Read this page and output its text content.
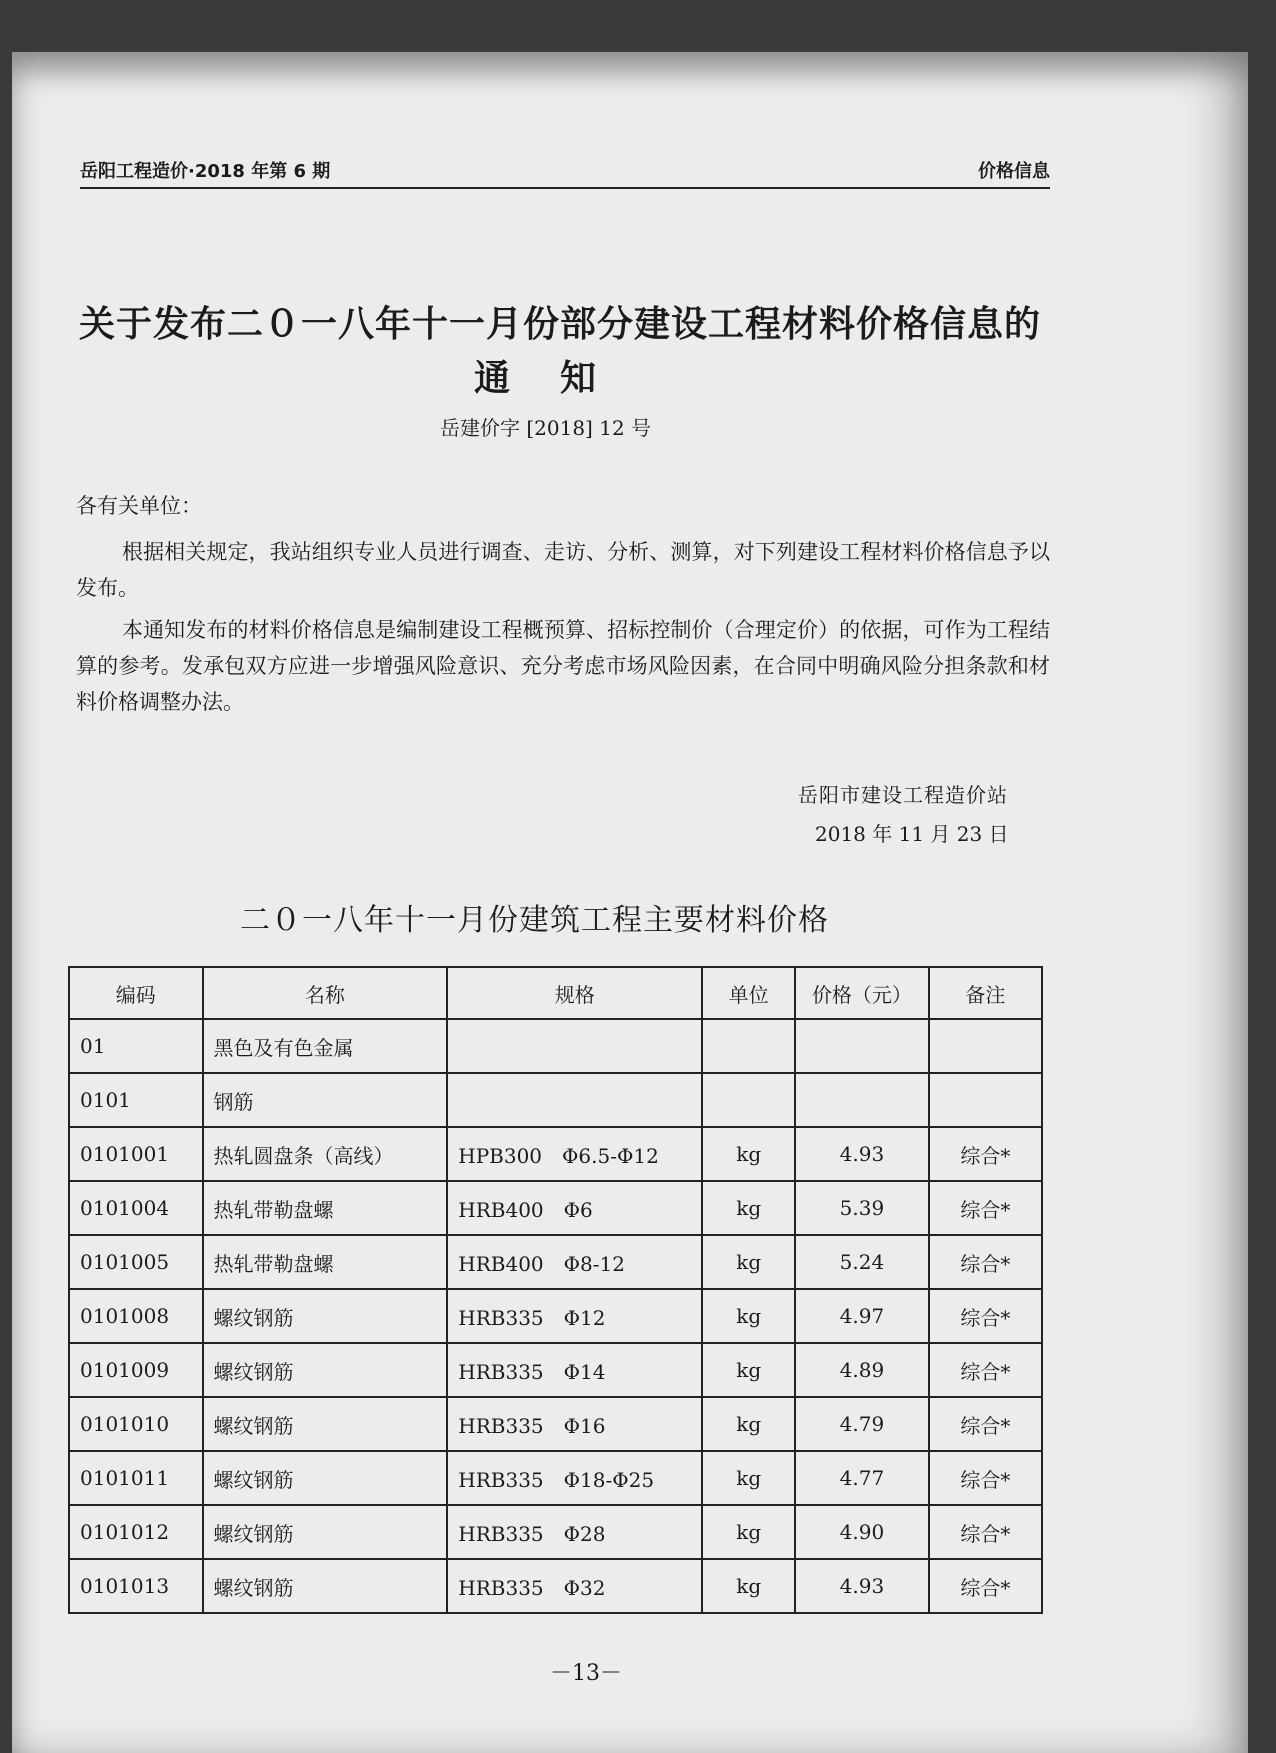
岳阳工程造价·2018 年第 6 期	价格信息
关于发布二０一八年十一月份部分建设工程材料价格信息的
通知
岳建价字 [2018] 12 号
各有关单位：
根据相关规定，我站组织专业人员进行调查、走访、分析、测算，对下列建设工程材料价格信息予以发布。
本通知发布的材料价格信息是编制建设工程概预算、招标控制价（合理定价）的依据，可作为工程结算的参考。发承包双方应进一步增强风险意识、充分考虑市场风险因素，在合同中明确风险分担条款和材料价格调整办法。
岳阳市建设工程造价站
2018 年 11 月 23 日
二０一八年十一月份建筑工程主要材料价格
编码	名称	规格	单位	价格（元）	备注
01	黑色及有色金属				
0101	钢筋				
0101001	热轧圆盘条（高线）	HPB300　Φ6.5-Φ12	kg	4.93	综合*
0101004	热轧带勒盘螺	HRB400　Φ6	kg	5.39	综合*
0101005	热轧带勒盘螺	HRB400　Φ8-12	kg	5.24	综合*
0101008	螺纹钢筋	HRB335　Φ12	kg	4.97	综合*
0101009	螺纹钢筋	HRB335　Φ14	kg	4.89	综合*
0101010	螺纹钢筋	HRB335　Φ16	kg	4.79	综合*
0101011	螺纹钢筋	HRB335　Φ18-Φ25	kg	4.77	综合*
0101012	螺纹钢筋	HRB335　Φ28	kg	4.90	综合*
0101013	螺纹钢筋	HRB335　Φ32	kg	4.93	综合*
－13－
